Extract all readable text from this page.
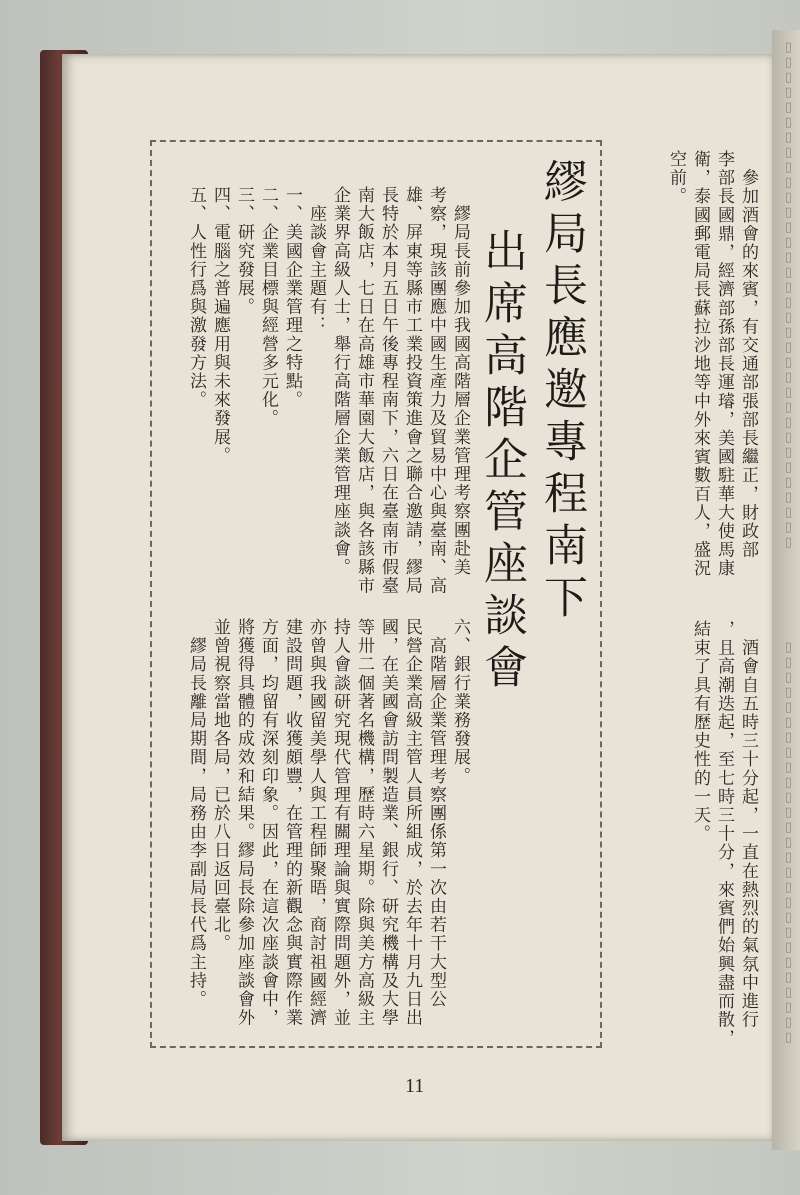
▯▯▯▯▯▯▯▯▯▯▯▯▯▯▯▯▯▯▯▯▯▯▯▯▯▯▯▯▯▯▯▯▯▯
▯▯▯▯▯▯▯▯▯▯▯▯▯▯▯▯▯▯▯▯▯▯▯▯▯▯▯
　參加酒會的來賓，有交通部張部長繼正，財政部
李部長國鼎，經濟部孫部長運璿，美國駐華大使馬康
衛，泰國郵電局長蘇拉沙地等中外來賓數百人，盛況
空前。
　酒會自五時三十分起，一直在熱烈的氣氛中進行
，且高潮迭起，至七時三十分，來賓們始興盡而散，
結束了具有歷史性的一天。
繆局長應邀專程南下
出席高階企管座談會
　繆局長前參加我國高階層企業管理考察團赴美
考察，現該團應中國生產力及貿易中心與臺南、高
雄、屏東等縣市工業投資策進會之聯合邀請，繆局
長特於本月五日午後專程南下，六日在臺南市假臺
南大飯店，七日在高雄市華園大飯店，與各該縣市
企業界高級人士，舉行高階層企業管理座談會。
　座談會主題有：
一、美國企業管理之特點。
二、企業目標與經營多元化。
三、研究發展。
四、電腦之普遍應用與未來發展。
五、人性行爲與激發方法。
六、銀行業務發展。
　高階層企業管理考察團係第一次由若干大型公
民營企業高級主管人員所組成，於去年十月九日出
國，在美國會訪問製造業、銀行、研究機構及大學
等卅二個著名機構，歷時六星期。除與美方高級主
持人會談研究現代管理有關理論與實際問題外，並
亦曾與我國留美學人與工程師聚晤，商討祖國經濟
建設問題，收獲頗豐，在管理的新觀念與實際作業
方面，均留有深刻印象。因此，在這次座談會中，
將獲得具體的成效和結果。繆局長除參加座談會外
並曾視察當地各局，已於八日返回臺北。
　繆局長離局期間，局務由李副局長代爲主持。
11
